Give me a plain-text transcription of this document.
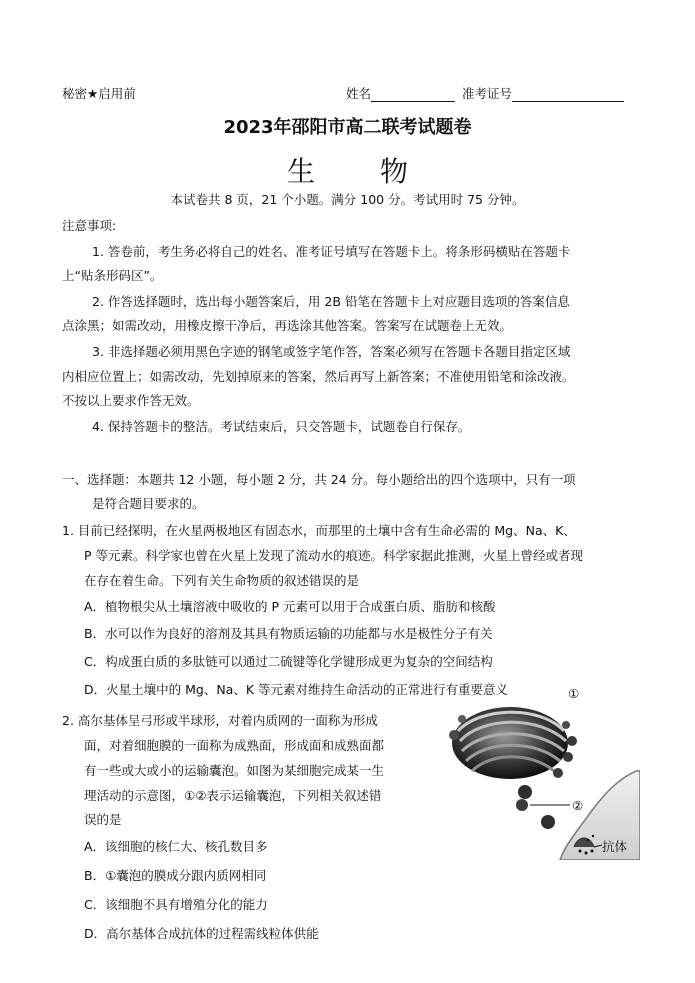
秘密★启用前	姓名	准考证号
2023年邵阳市高二联考试题卷
生 物
本试卷共 8 页，21 个小题。满分 100 分。考试用时 75 分钟。
注意事项:
1. 答卷前，考生务必将自己的姓名、准考证号填写在答题卡上。将条形码横贴在答题卡
上“贴条形码区”。
2. 作答选择题时，选出每小题答案后，用 2B 铅笔在答题卡上对应题目选项的答案信息
点涂黑；如需改动，用橡皮擦干净后，再选涂其他答案。答案写在试题卷上无效。
3. 非选择题必须用黑色字迹的钢笔或签字笔作答，答案必须写在答题卡各题目指定区域
内相应位置上；如需改动，先划掉原来的答案，然后再写上新答案；不准使用铅笔和涂改液。
不按以上要求作答无效。
4. 保持答题卡的整洁。考试结束后，只交答题卡，试题卷自行保存。
一、选择题：本题共 12 小题，每小题 2 分，共 24 分。每小题给出的四个选项中，只有一项
是符合题目要求的。
1. 目前已经探明，在火星两极地区有固态水，而那里的土壤中含有生命必需的 Mg、Na、K、
P 等元素。科学家也曾在火星上发现了流动水的痕迹。科学家据此推测，火星上曾经或者现
在存在着生命。下列有关生命物质的叙述错误的是
A．植物根尖从土壤溶液中吸收的 P 元素可以用于合成蛋白质、脂肪和核酸
B．水可以作为良好的溶剂及其具有物质运输的功能都与水是极性分子有关
C．构成蛋白质的多肽链可以通过二硫键等化学键形成更为复杂的空间结构
D．火星土壤中的 Mg、Na、K 等元素对维持生命活动的正常进行有重要意义
2. 高尔基体呈弓形或半球形，对着内质网的一面称为形成
面，对着细胞膜的一面称为成熟面，形成面和成熟面都
有一些或大或小的运输囊泡。如图为某细胞完成某一生
理活动的示意图，①②表示运输囊泡，下列相关叙述错
误的是
A．该细胞的核仁大、核孔数目多
B．①囊泡的膜成分跟内质网相同
C．该细胞不具有增殖分化的能力
D．高尔基体合成抗体的过程需线粒体供能
①
②
抗体
